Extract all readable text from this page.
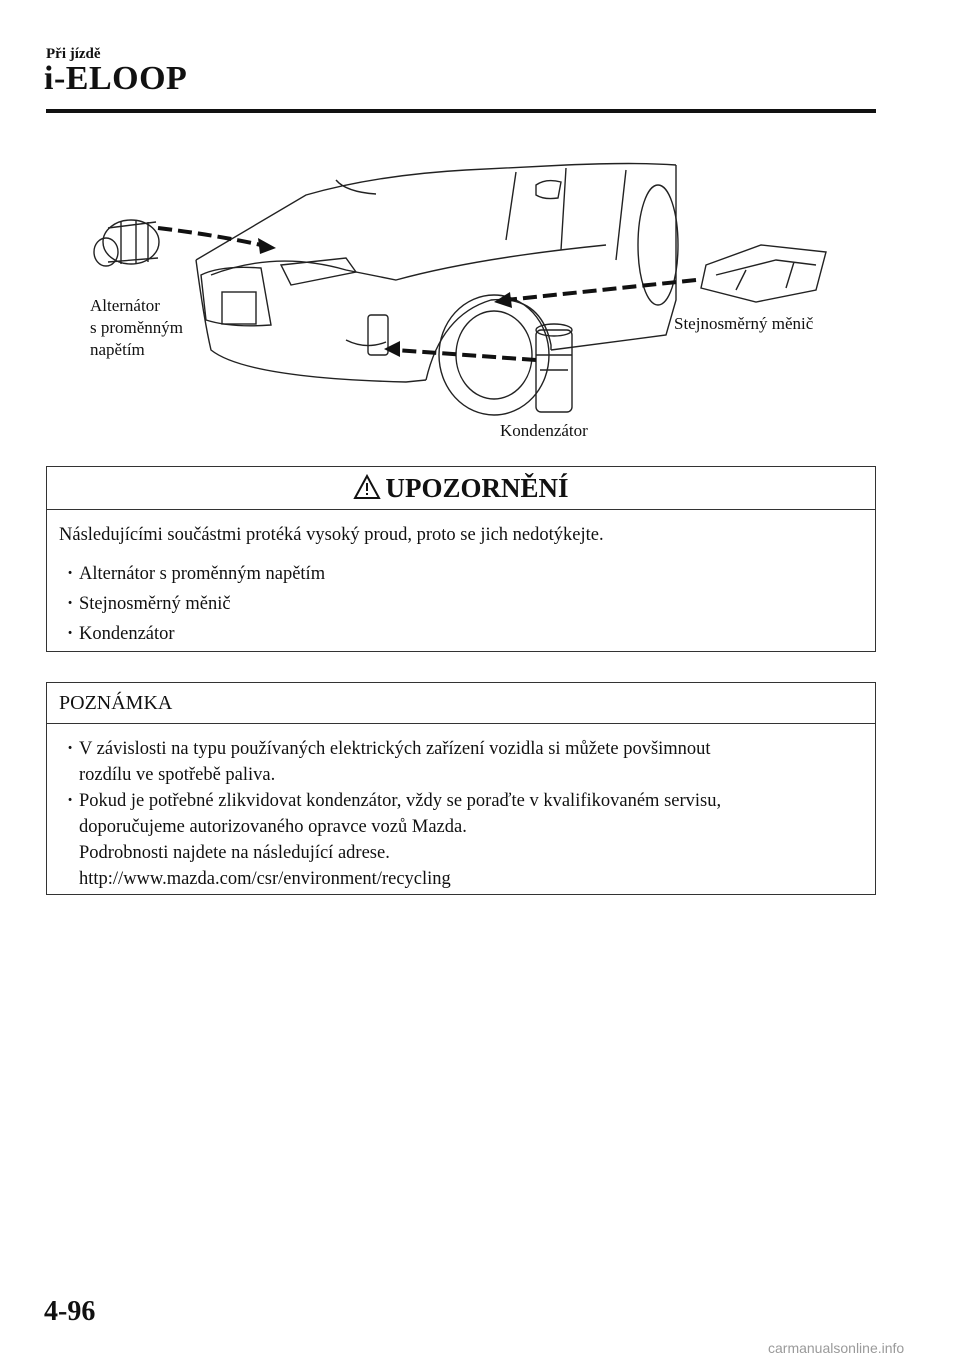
Při jízdě
i-ELOOP
Alternátor
s proměnným
napětím
Stejnosměrný měnič
Kondenzátor
UPOZORNĚNÍ
Následujícími součástmi protéká vysoký proud, proto se jich nedotýkejte.
· Alternátor s proměnným napětím
· Stejnosměrný měnič
· Kondenzátor
POZNÁMKA
· V závislosti na typu používaných elektrických zařízení vozidla si můžete povšimnout
rozdílu ve spotřebě paliva.
· Pokud je potřebné zlikvidovat kondenzátor, vždy se poraďte v kvalifikovaném servisu,
doporučujeme autorizovaného opravce vozů Mazda.
Podrobnosti najdete na následující adrese.
http://www.mazda.com/csr/environment/recycling
4-96
carmanualsonline.info
